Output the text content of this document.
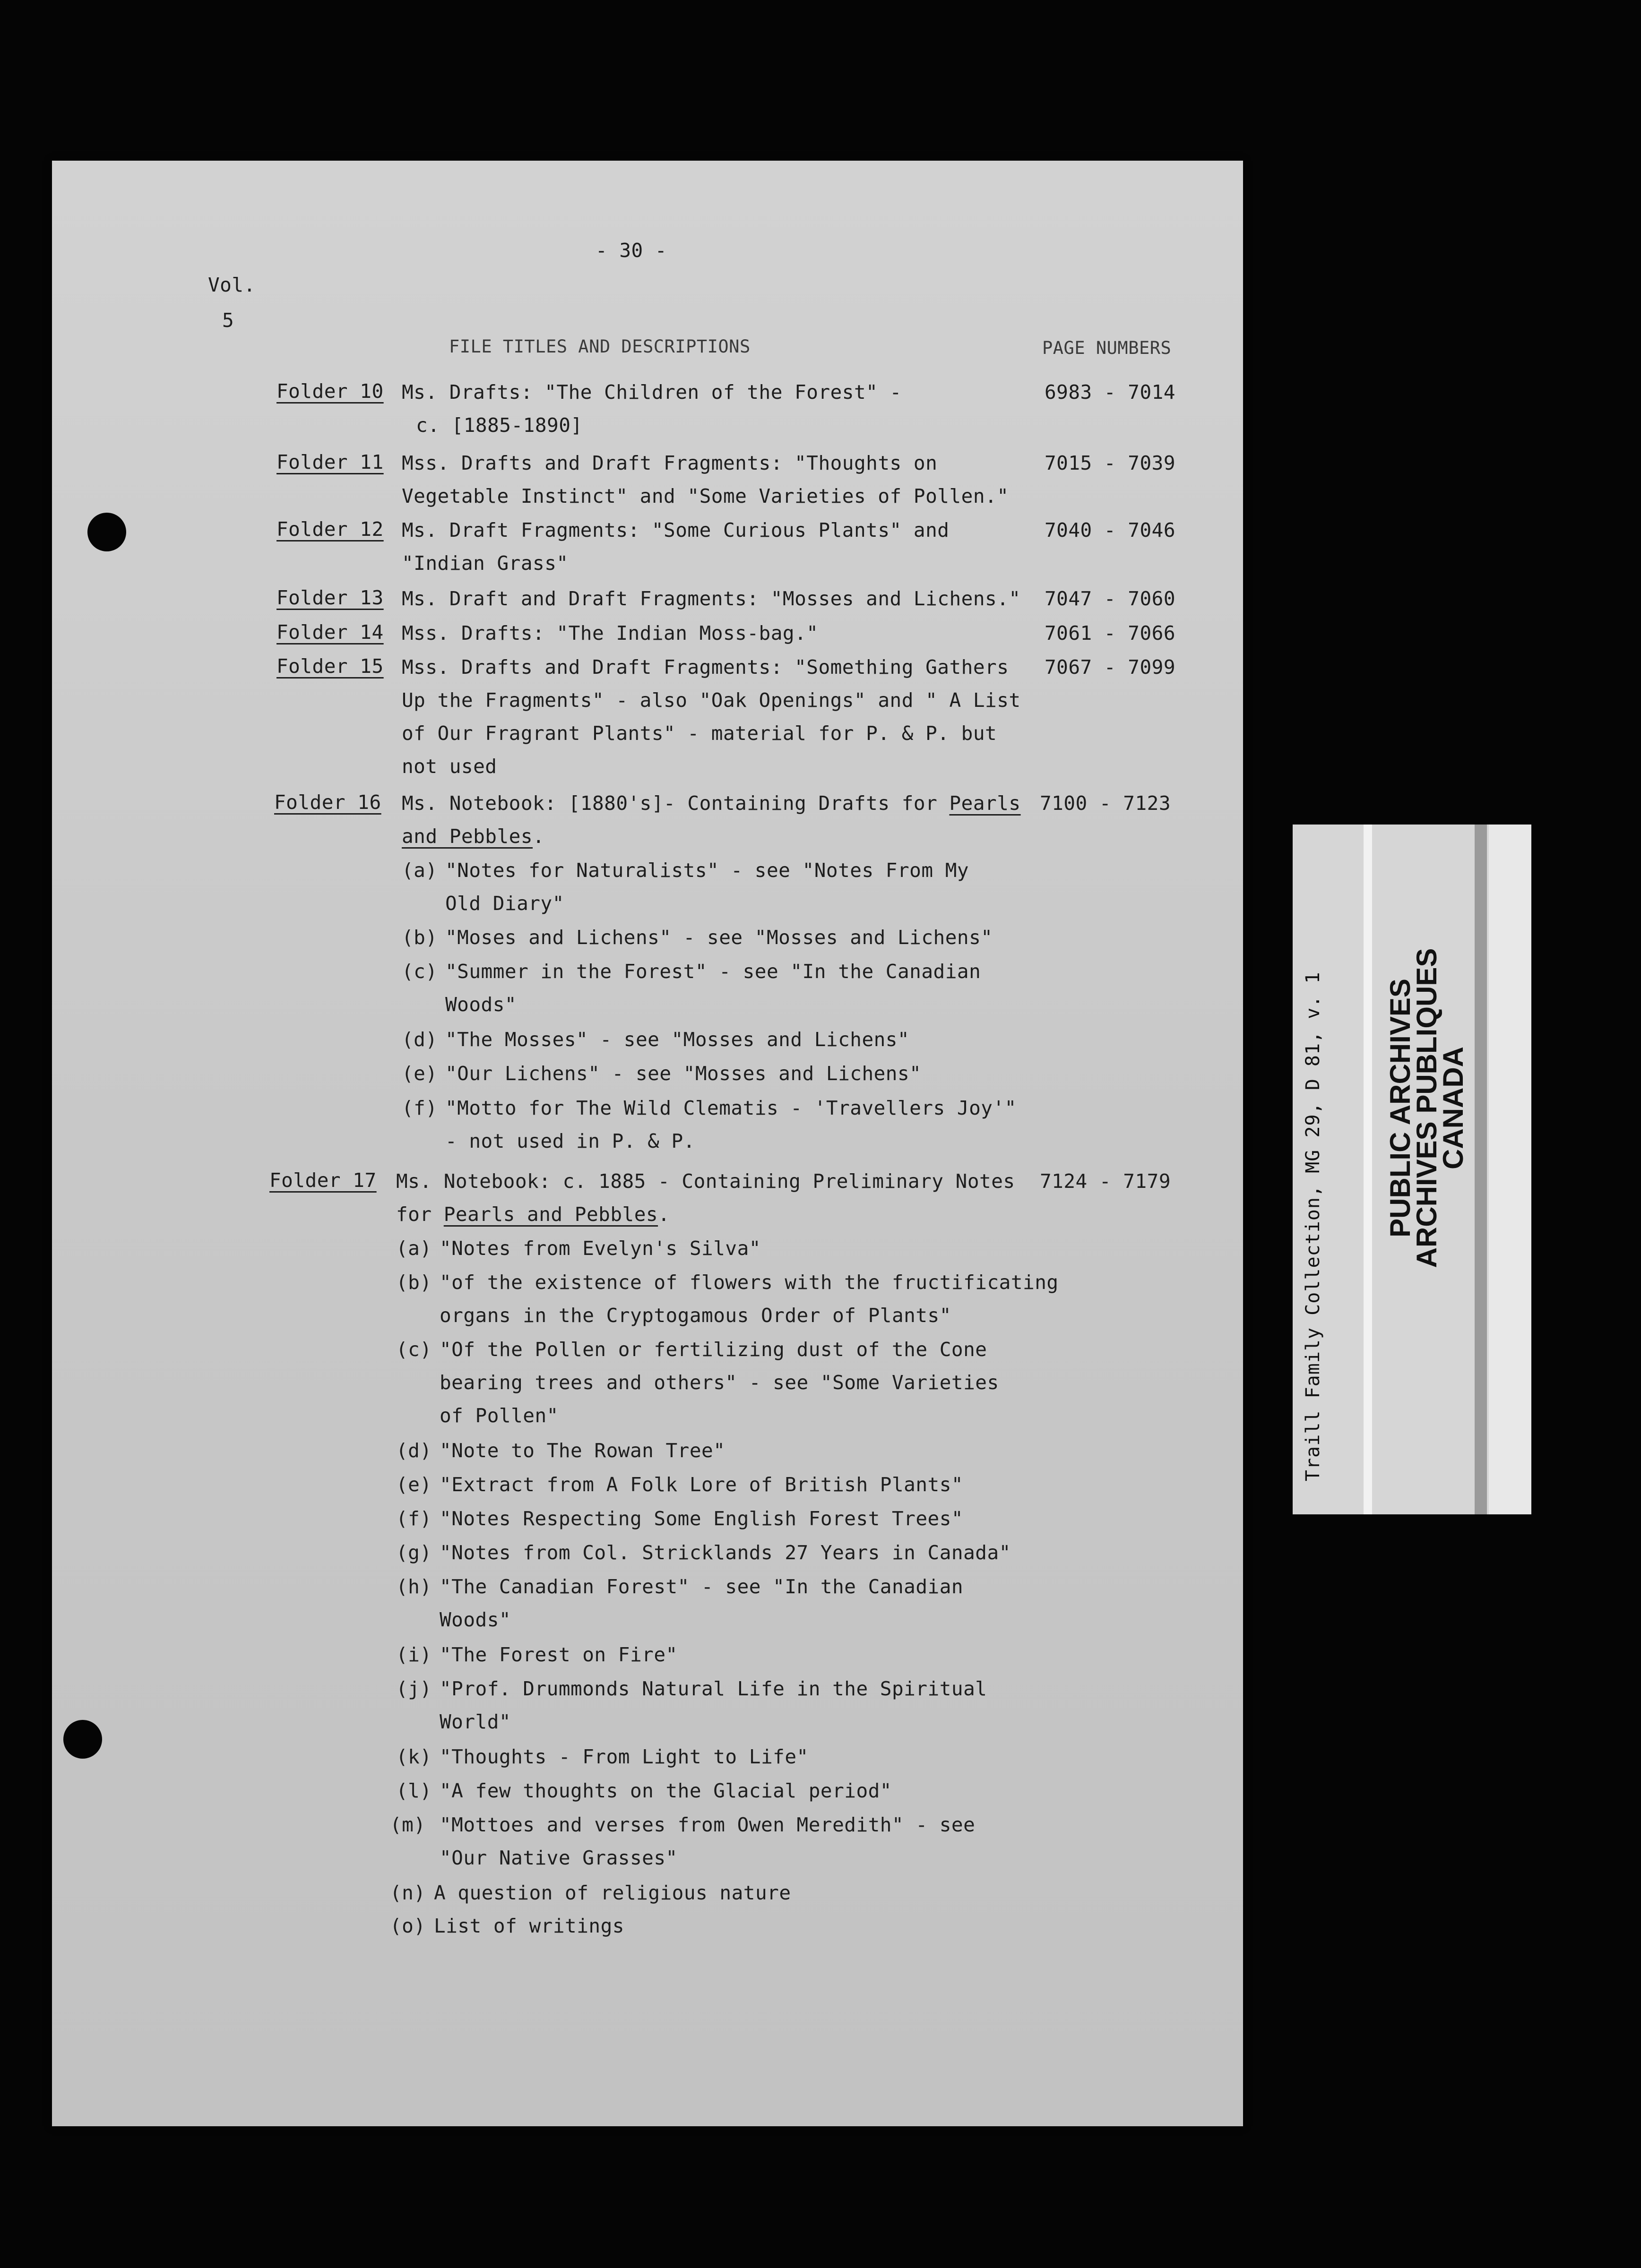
- 30 -
Vol.
5
FILE TITLES AND DESCRIPTIONS	PAGE NUMBERS
Folder 10 Ms. Drafts: "The Children of the Forest" -
c. [1885-1890]
6983 - 7014
Folder 11 Mss. Drafts and Draft Fragments: "Thoughts on
Vegetable Instinct" and "Some Varieties of Pollen."
7015 - 7039
Folder 12 Ms. Draft Fragments: "Some Curious Plants" and
"Indian Grass"
7040 - 7046
Folder 13 Ms. Draft and Draft Fragments: "Mosses and Lichens." 7047 - 7060
Folder 14 Mss. Drafts: "The Indian Moss-bag."	7061 - 7066
Folder 15 Mss. Drafts and Draft Fragments: "Something Gathers
Up the Fragments" - also "Oak Openings" and " A List
of Our Fragrant Plants" - material for P. & P. but
not used
7067 - 7099
Folder 16 Ms. Notebook: [1880's]- Containing Drafts for Pearls
and Pebbles.
7100 - 7123
(a) "Notes for Naturalists" - see "Notes From My
Old Diary"
(b) "Moses and Lichens" - see "Mosses and Lichens"
(c) "Summer in the Forest" - see "In the Canadian
Woods"
(d) "The Mosses" - see "Mosses and Lichens"
(e) "Our Lichens" - see "Mosses and Lichens"
(f) "Motto for The Wild Clematis - 'Travellers Joy'"
- not used in P. & P.
Folder 17 Ms. Notebook: c. 1885 - Containing Preliminary Notes
for Pearls and Pebbles.
7124 - 7179
(a) "Notes from Evelyn's Silva"
(b) "of the existence of flowers with the fructificating
organs in the Cryptogamous Order of Plants"
(c) "Of the Pollen or fertilizing dust of the Cone
bearing trees and others" - see "Some Varieties
of Pollen"
(d) "Note to The Rowan Tree"
(e) "Extract from A Folk Lore of British Plants"
(f) "Notes Respecting Some English Forest Trees"
(g) "Notes from Col. Stricklands 27 Years in Canada"
(h) "The Canadian Forest" - see "In the Canadian
Woods"
(i) "The Forest on Fire"
(j) "Prof. Drummonds Natural Life in the Spiritual
World"
(k) "Thoughts - From Light to Life"
(l) "A few thoughts on the Glacial period"
(m) "Mottoes and verses from Owen Meredith" - see
"Our Native Grasses"
(n) A question of religious nature
(o) List of writings
Traill Family Collection, MG 29, D 81, v. 1 PUBLIC ARCHIVES
ARCHIVES PUBLIQUES
CANADA
